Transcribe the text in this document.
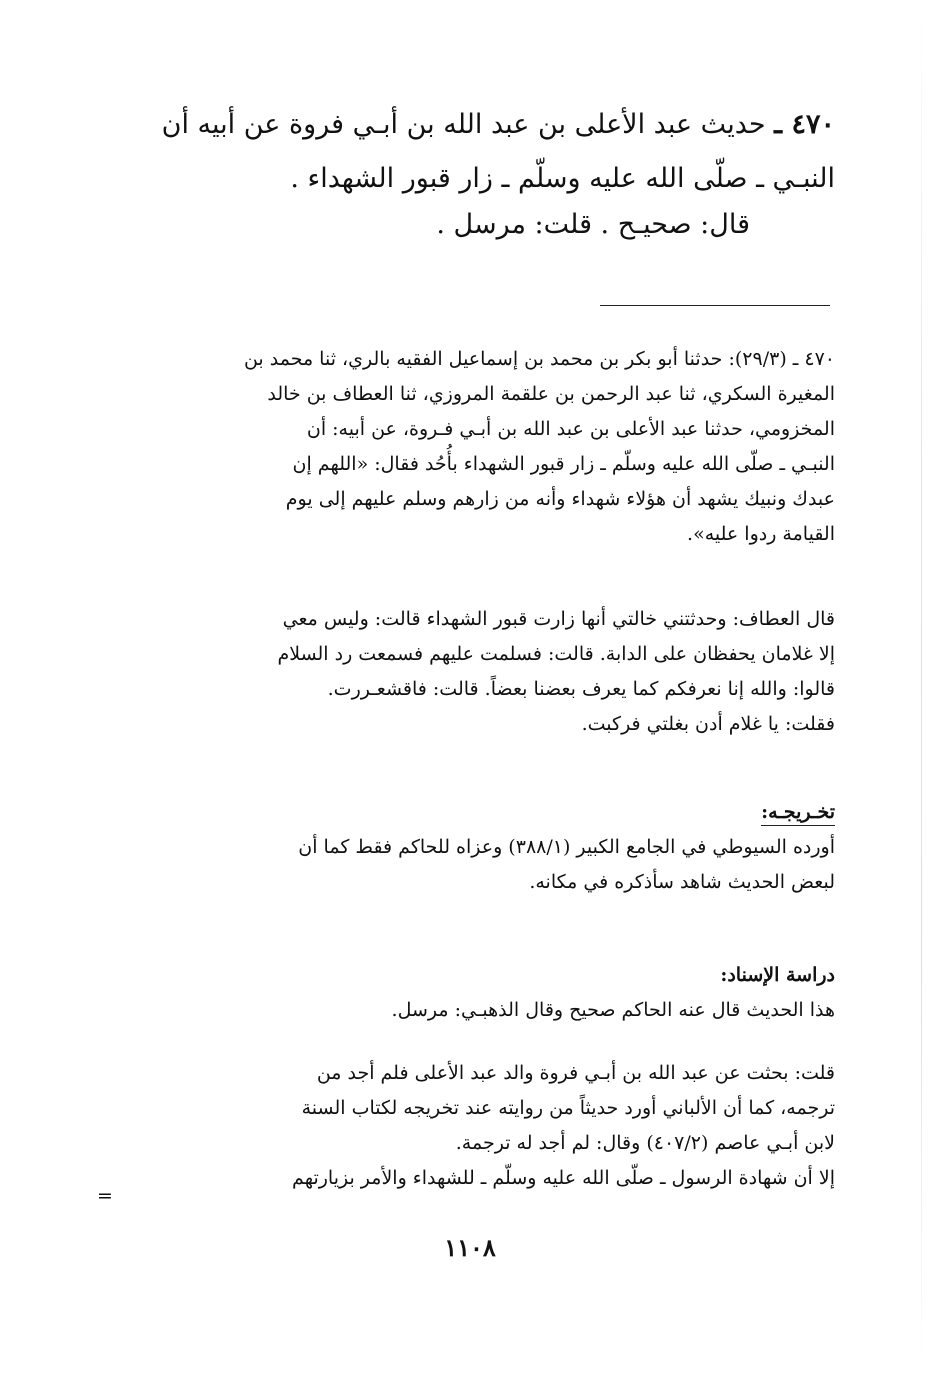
٤٧٠ ـ حديث عبد الأعلى بن عبد الله بن أبـي فروة عن أبيه أن
النبـي ـ صلّى الله عليه وسلّم ـ زار قبور الشهداء .
قال: صحيـح . قلت: مرسل .

٤٧٠ ـ (٢٩/٣): حدثنا أبو بكر بن محمد بن إسماعيل الفقيه بالري، ثنا محمد بن

المغيرة السكري، ثنا عبد الرحمن بن علقمة المروزي، ثنا العطاف بن خالد

المخزومي، حدثنا عبد الأعلى بن عبد الله بن أبـي فـروة، عن أبيه: أن

النبـي ـ صلّى الله عليه وسلّم ـ زار قبور الشهداء بأُحُد فقال: «اللهم إن

عبدك ونبيك يشهد أن هؤلاء شهداء وأنه من زارهم وسلم عليهم إلى يوم

القيامة ردوا عليه».

قال العطاف: وحدثتني خالتي أنها زارت قبور الشهداء قالت: وليس معي

إلا غلامان يحفظان على الدابة. قالت: فسلمت عليهم فسمعت رد السلام

قالوا: والله إنا نعرفكم كما يعرف بعضنا بعضاً. قالت: فاقشعـررت.

فقلت: يا غلام أدن بغلتي فركبت.

تخـريجـه:

أورده السيوطي في الجامع الكبير (٣٨٨/١) وعزاه للحاكم فقط كما أن

لبعض الحديث شاهد سأذكره في مكانه.

دراسة الإسناد:

هذا الحديث قال عنه الحاكم صحيح وقال الذهبـي: مرسل.

قلت: بحثت عن عبد الله بن أبـي فروة والد عبد الأعلى فلم أجد من

ترجمه، كما أن الألباني أورد حديثاً من روايته عند تخريجه لكتاب السنة

لابن أبـي عاصم (٤٠٧/٢) وقال: لم أجد له ترجمة.

إلا أن شهادة الرسول ـ صلّى الله عليه وسلّم ـ للشهداء والأمر بزيارتهم

=
١١٠٨
